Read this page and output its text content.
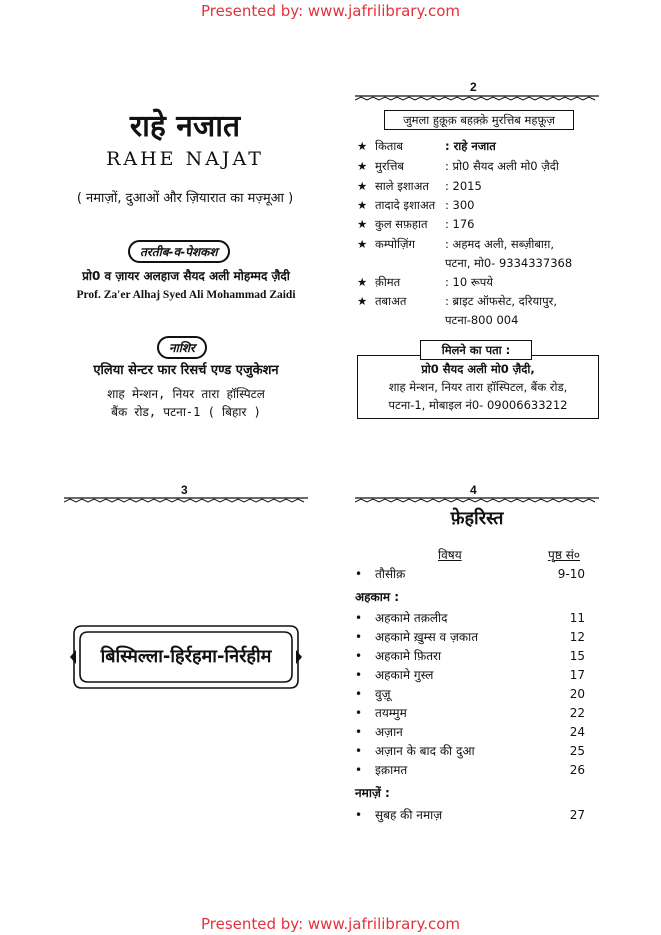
Presented by: www.jafrilibrary.com
Presented by: www.jafrilibrary.com
राहे नजात
RAHE NAJAT
( नमाज़ों, दुआओं और ज़ियारात का मज़्मूआ )
तरतीब-व-पेशकश
प्रो0 व ज़ायर अलहाज सैयद अली मोहम्मद ज़ैदी
Prof. Za'er Alhaj Syed Ali Mohammad Zaidi
नाशिर
एलिया सेन्टर फार रिसर्च एण्ड एजुकेशन
शाह मेन्शन, नियर तारा हॉस्पिटल
बैंक रोड, पटना-1 ( बिहार )
2
जुमला हुक़ूक़ बहक़्क़े मुरत्तिब महफ़ूज़
★ किताब	: राहे नजात
★ मुरत्तिब	: प्रो0 सैयद अली मो0 ज़ैदी
★ साले इशाअत : 2015
★ तादादे इशाअत : 300
★ कुल सफ़हात : 176
★ कम्पोज़िंग	: अहमद अली, सब्ज़ीबाग़,
पटना, मो0- 9334337368
★ क़ीमत	: 10 रूपये
★ तबाअत	: ब्राइट ऑफसेट, दरियापुर,
पटना-800 004
मिलने का पता :
प्रो0 सैयद अली मो0 ज़ैदी,
शाह मेन्शन, नियर तारा हॉस्पिटल, बैंक रोड,
पटना-1, मोबाइल नं0- 09006633212
3
बिस्मिल्ला-हिर्रहमा-निर्रहीम
4
फ़ेहरिस्त
विषय	पृष्ठ सं०
• तौसीक़	9-10
अहकाम :
• अहकामे तक़लीद	11
• अहकामे ख़ुम्स व ज़कात	12
• अहकामे फ़ितरा	15
• अहकामे गुस्ल	17
• वुज़ू	20
• तयम्मुम	22
• अज़ान	24
• अज़ान के बाद की दुआ	25
• इक़ामत	26
नमाज़ें :
• सुबह की नमाज़	27
